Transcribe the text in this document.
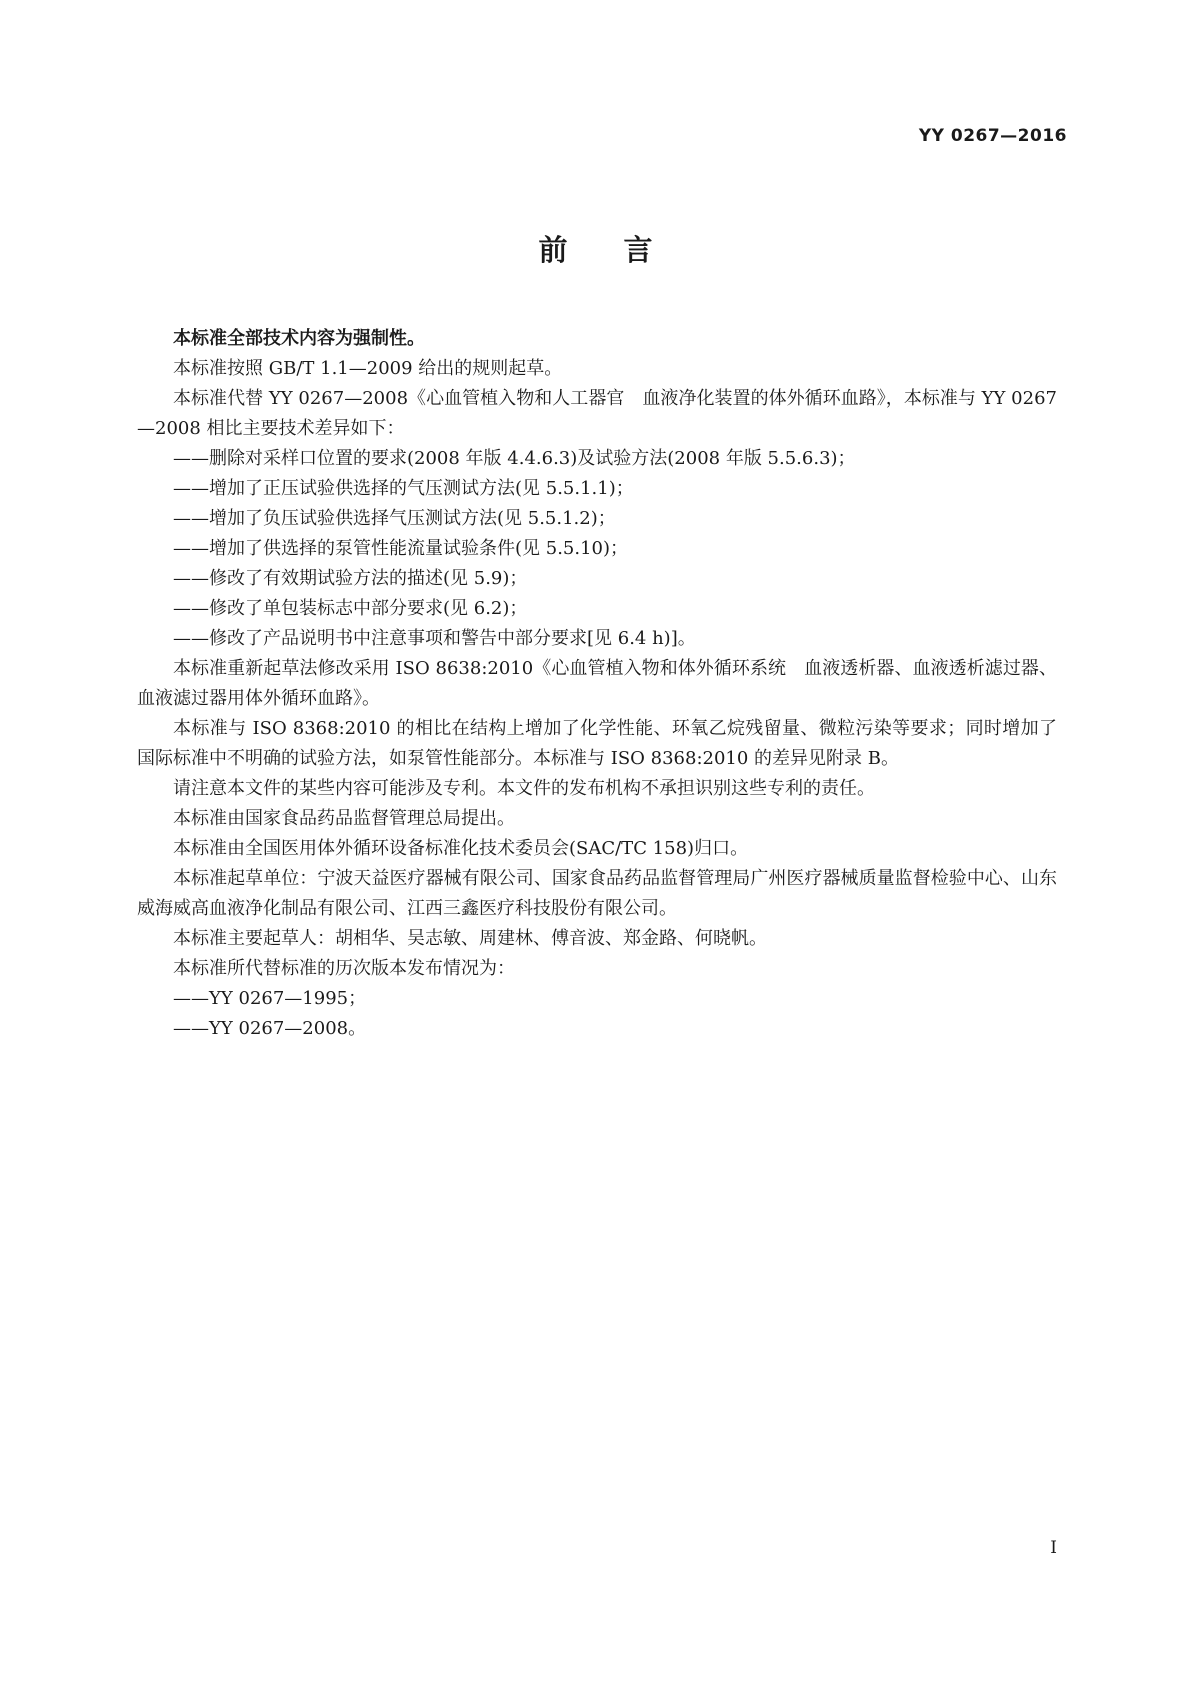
YY 0267—2016
前言

本标准全部技术内容为强制性。

本标准按照 GB/T 1.1—2009 给出的规则起草。

本标准代替 YY 0267—2008《心血管植入物和人工器官　血液净化装置的体外循环血路》，本标准与 YY 0267—2008 相比主要技术差异如下：

——删除对采样口位置的要求(2008 年版 4.4.6.3)及试验方法(2008 年版 5.5.6.3)；

——增加了正压试验供选择的气压测试方法(见 5.5.1.1)；

——增加了负压试验供选择气压测试方法(见 5.5.1.2)；

——增加了供选择的泵管性能流量试验条件(见 5.5.10)；

——修改了有效期试验方法的描述(见 5.9)；

——修改了单包装标志中部分要求(见 6.2)；

——修改了产品说明书中注意事项和警告中部分要求[见 6.4 h)]。

本标准重新起草法修改采用 ISO 8638:2010《心血管植入物和体外循环系统　血液透析器、血液透析滤过器、血液滤过器用体外循环血路》。

本标准与 ISO 8368:2010 的相比在结构上增加了化学性能、环氧乙烷残留量、微粒污染等要求；同时增加了国际标准中不明确的试验方法，如泵管性能部分。本标准与 ISO 8368:2010 的差异见附录 B。

请注意本文件的某些内容可能涉及专利。本文件的发布机构不承担识别这些专利的责任。

本标准由国家食品药品监督管理总局提出。

本标准由全国医用体外循环设备标准化技术委员会(SAC/TC 158)归口。

本标准起草单位：宁波天益医疗器械有限公司、国家食品药品监督管理局广州医疗器械质量监督检验中心、山东威海威高血液净化制品有限公司、江西三鑫医疗科技股份有限公司。

本标准主要起草人：胡相华、吴志敏、周建林、傅音波、郑金路、何晓帆。

本标准所代替标准的历次版本发布情况为：

——YY 0267—1995；

——YY 0267—2008。

I
